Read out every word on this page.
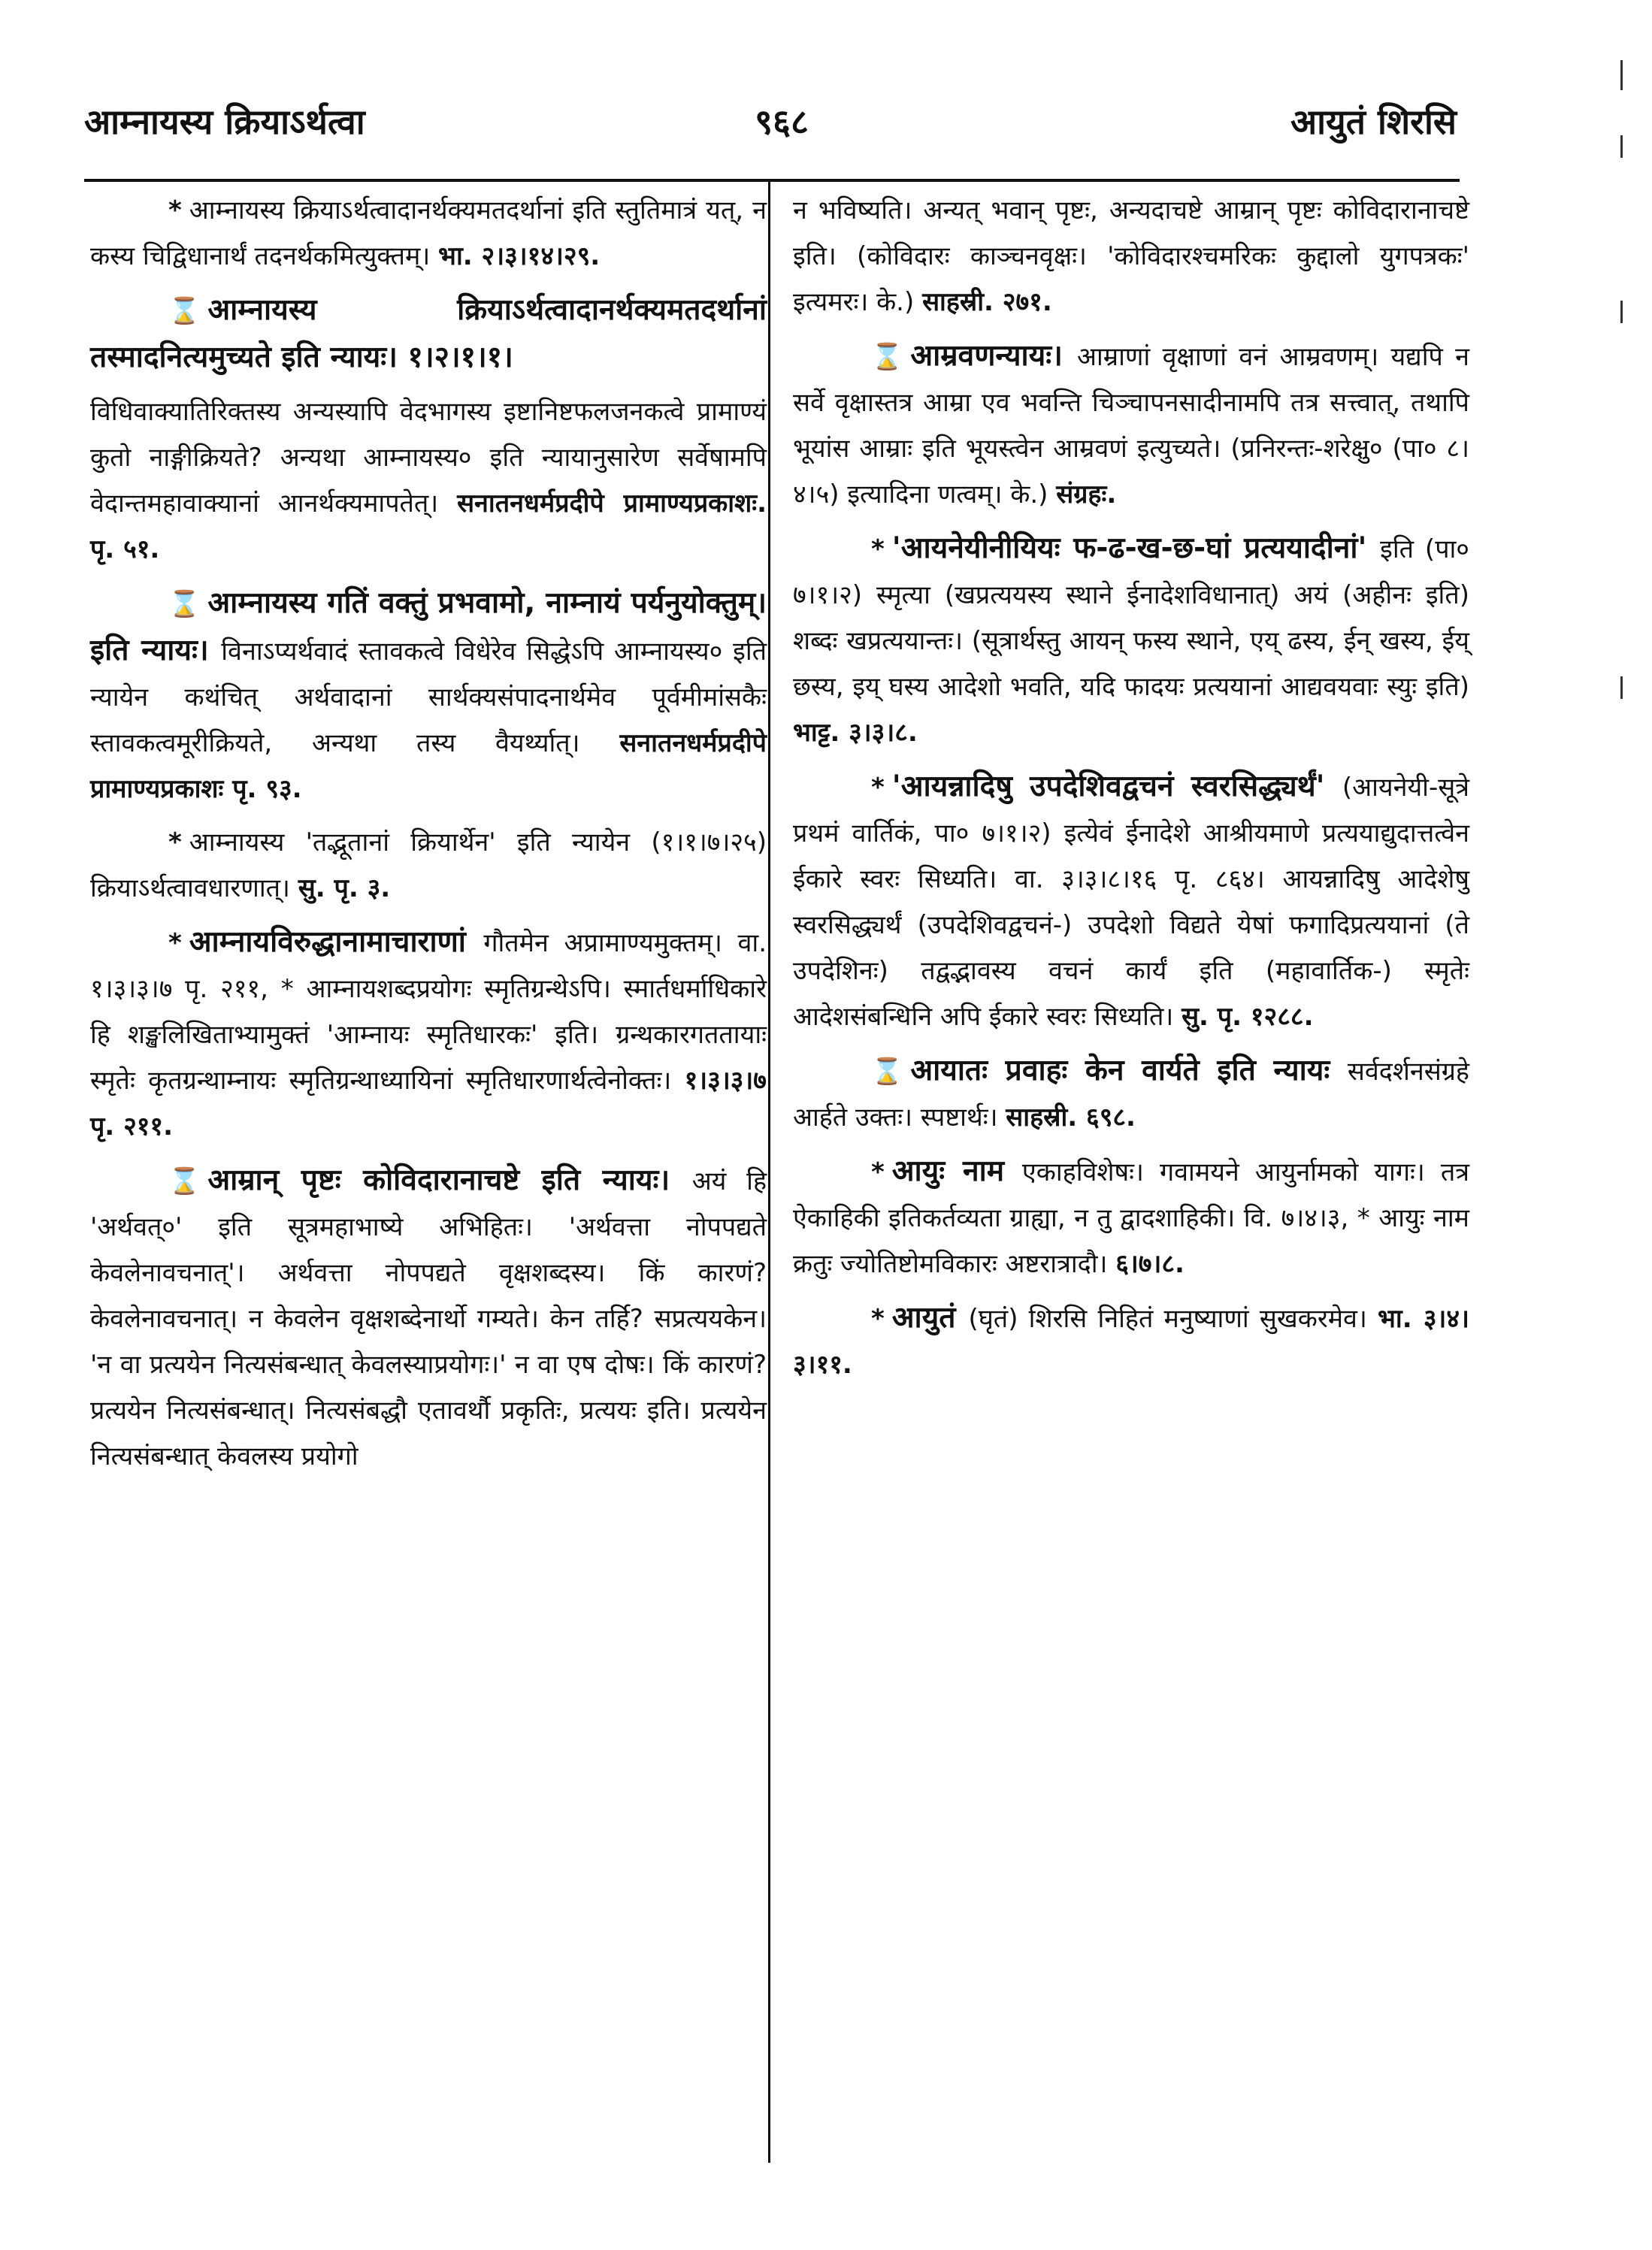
आम्नायस्य क्रियाऽर्थत्वा	९६८	आयुतं शिरसि

* आम्नायस्य क्रियाऽर्थत्वादानर्थक्यमतदर्थानां इति स्तुतिमात्रं यत्, न कस्य चिद्विधानार्थं तदनर्थकमित्युक्तम्। भा. २।३।१४।२९.

⌛ आम्नायस्य क्रियाऽर्थत्वादानर्थक्यमतदर्थानां तस्मादनित्यमुच्यते इति न्यायः। १।२।१।१।

विधिवाक्यातिरिक्तस्य अन्यस्यापि वेदभागस्य इष्टानिष्टफलजनकत्वे प्रामाण्यं कुतो नाङ्गीक्रियते? अन्यथा आम्नायस्य० इति न्यायानुसारेण सर्वेषामपि वेदान्तमहावाक्यानां आनर्थक्यमापतेत्। सनातनधर्मप्रदीपे प्रामाण्यप्रकाशः. पृ. ५१.

⌛ आम्नायस्य गतिं वक्तुं प्रभवामो, नाम्नायं पर्यनुयोक्तुम्। इति न्यायः। विनाऽप्यर्थवादं स्तावकत्वे विधेरेव सिद्धेऽपि आम्नायस्य० इति न्यायेन कथंचित् अर्थवादानां सार्थक्यसंपादनार्थमेव पूर्वमीमांसकैः स्तावकत्वमूरीक्रियते, अन्यथा तस्य वैयर्थ्यात्। सनातनधर्मप्रदीपे प्रामाण्यप्रकाशः पृ. ९३.

* आम्नायस्य 'तद्भूतानां क्रियार्थेन' इति न्यायेन (१।१।७।२५) क्रियाऽर्थत्वावधारणात्। सु. पृ. ३.

* आम्नायविरुद्धानामाचाराणां गौतमेन अप्रामाण्यमुक्तम्। वा. १।३।३।७ पृ. २११, * आम्नायशब्दप्रयोगः स्मृतिग्रन्थेऽपि। स्मार्तधर्माधिकारे हि शङ्खलिखिताभ्यामुक्तं 'आम्नायः स्मृतिधारकः' इति। ग्रन्थकारगततायाः स्मृतेः कृतग्रन्थाम्नायः स्मृतिग्रन्थाध्यायिनां स्मृतिधारणार्थत्वेनोक्तः। १।३।३।७ पृ. २११.

⌛ आम्रान् पृष्टः कोविदारानाचष्टे इति न्यायः। अयं हि 'अर्थवत्०' इति सूत्रमहाभाष्ये अभिहितः। 'अर्थवत्ता नोपपद्यते केवलेनावचनात्'। अर्थवत्ता नोपपद्यते वृक्षशब्दस्य। किं कारणं? केवलेनावचनात्। न केवलेन वृक्षशब्देनार्थो गम्यते। केन तर्हि? सप्रत्ययकेन। 'न वा प्रत्ययेन नित्यसंबन्धात् केवलस्याप्रयोगः।' न वा एष दोषः। किं कारणं? प्रत्ययेन नित्यसंबन्धात्। नित्यसंबद्धौ एतावर्थौ प्रकृतिः, प्रत्ययः इति। प्रत्ययेन नित्यसंबन्धात् केवलस्य प्रयोगो

न भविष्यति। अन्यत् भवान् पृष्टः, अन्यदाचष्टे आम्रान् पृष्टः कोविदारानाचष्टे इति। (कोविदारः काञ्चनवृक्षः। 'कोविदारश्चमरिकः कुद्दालो युगपत्रकः' इत्यमरः। के.) साहस्री. २७१.

⌛ आम्रवणन्यायः। आम्राणां वृक्षाणां वनं आम्रवणम्। यद्यपि न सर्वे वृक्षास्तत्र आम्रा एव भवन्ति चिञ्चापनसादीनामपि तत्र सत्त्वात्, तथापि भूयांस आम्राः इति भूयस्त्वेन आम्रवणं इत्युच्यते। (प्रनिरन्तः-शरेक्षु० (पा० ८।४।५) इत्यादिना णत्वम्। के.) संग्रहः.

* 'आयनेयीनीयियः फ-ढ-ख-छ-घां प्रत्ययादीनां' इति (पा० ७।१।२) स्मृत्या (खप्रत्ययस्य स्थाने ईनादेशविधानात्) अयं (अहीनः इति) शब्दः खप्रत्ययान्तः। (सूत्रार्थस्तु आयन् फस्य स्थाने, एय् ढस्य, ईन् खस्य, ईय् छस्य, इय् घस्य आदेशो भवति, यदि फादयः प्रत्ययानां आद्यवयवाः स्युः इति) भाट्ट. ३।३।८.

* 'आयन्नादिषु उपदेशिवद्वचनं स्वरसिद्ध्यर्थं' (आयनेयी-सूत्रे प्रथमं वार्तिकं, पा० ७।१।२) इत्येवं ईनादेशे आश्रीयमाणे प्रत्ययाद्युदात्तत्वेन ईकारे स्वरः सिध्यति। वा. ३।३।८।१६ पृ. ८६४। आयन्नादिषु आदेशेषु स्वरसिद्ध्यर्थं (उपदेशिवद्वचनं-) उपदेशो विद्यते येषां फगादिप्रत्ययानां (ते उपदेशिनः) तद्वद्भावस्य वचनं कार्यं इति (महावार्तिक-) स्मृतेः आदेशसंबन्धिनि अपि ईकारे स्वरः सिध्यति। सु. पृ. १२८८.

⌛ आयातः प्रवाहः केन वार्यते इति न्यायः सर्वदर्शनसंग्रहे आर्हते उक्तः। स्पष्टार्थः। साहस्री. ६९८.

* आयुः नाम एकाहविशेषः। गवामयने आयुर्नामको यागः। तत्र ऐकाहिकी इतिकर्तव्यता ग्राह्या, न तु द्वादशाहिकी। वि. ७।४।३, * आयुः नाम क्रतुः ज्योतिष्टोमविकारः अष्टरात्रादौ। ६।७।८.

* आयुतं (घृतं) शिरसि निहितं मनुष्याणां सुखकरमेव। भा. ३।४।३।११.
